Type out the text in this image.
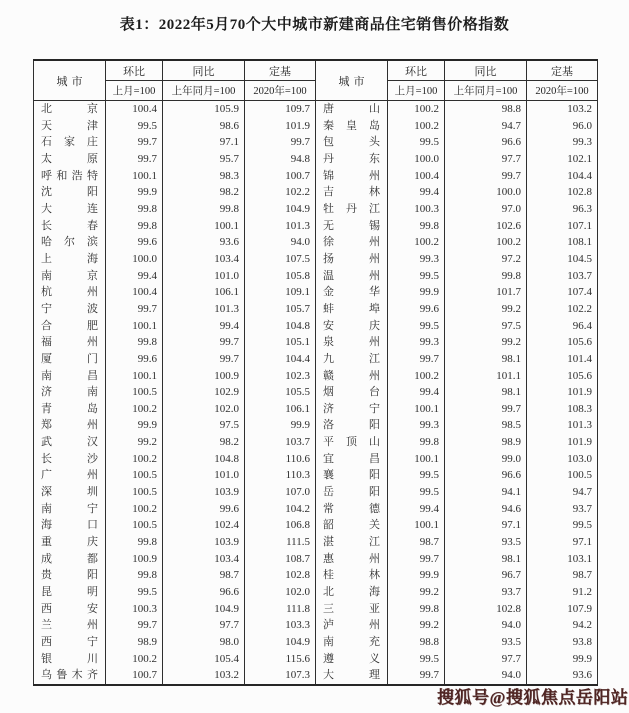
表1：2022年5月70个大中城市新建商品住宅销售价格指数
城市	环比	同比	定基	城市	环比	同比	定基
	上月=100	上年同月=100	2020年=100		上月=100	上年同月=100	2020年=100
北京	100.4	105.9	109.7	唐山	100.2	98.8	103.2
天津	99.5	98.6	101.9	秦皇岛	100.2	94.7	96.0
石家庄	99.7	97.1	99.7	包头	99.5	96.6	99.3
太原	99.7	95.7	94.8	丹东	100.0	97.7	102.1
呼和浩特	100.1	98.3	100.7	锦州	100.4	99.7	104.4
沈阳	99.9	98.2	102.2	吉林	99.4	100.0	102.8
大连	99.8	99.8	104.9	牡丹江	100.3	97.0	96.3
长春	99.8	100.1	101.3	无锡	99.8	102.6	107.1
哈尔滨	99.6	93.6	94.0	徐州	100.2	100.2	108.1
上海	100.0	103.4	107.5	扬州	99.3	97.2	104.5
南京	99.4	101.0	105.8	温州	99.5	99.8	103.7
杭州	100.4	106.1	109.1	金华	99.9	101.7	107.4
宁波	99.7	101.3	105.7	蚌埠	99.6	99.2	102.2
合肥	100.1	99.4	104.8	安庆	99.5	97.5	96.4
福州	99.8	99.7	105.1	泉州	99.3	99.2	105.6
厦门	99.6	99.7	104.4	九江	99.7	98.1	101.4
南昌	100.1	100.9	102.3	赣州	100.2	101.1	105.6
济南	100.5	102.9	105.5	烟台	99.4	98.1	101.9
青岛	100.2	102.0	106.1	济宁	100.1	99.7	108.3
郑州	99.9	97.5	99.9	洛阳	99.3	98.5	101.3
武汉	99.2	98.2	103.7	平顶山	99.8	98.9	101.9
长沙	100.2	104.8	110.6	宜昌	100.1	99.0	103.0
广州	100.5	101.0	110.3	襄阳	99.5	96.6	100.5
深圳	100.5	103.9	107.0	岳阳	99.5	94.1	94.7
南宁	100.2	99.6	104.2	常德	99.4	94.6	93.7
海口	100.5	102.4	106.8	韶关	100.1	97.1	99.5
重庆	99.8	103.9	111.5	湛江	98.7	93.5	97.1
成都	100.9	103.4	108.7	惠州	99.7	98.1	103.1
贵阳	99.8	98.7	102.8	桂林	99.9	96.7	98.7
昆明	99.5	96.6	102.0	北海	99.2	93.7	91.2
西安	100.3	104.9	111.8	三亚	99.8	102.8	107.9
兰州	99.7	97.7	103.3	泸州	99.2	94.0	94.2
西宁	98.9	98.0	104.9	南充	98.8	93.5	93.8
银川	100.2	105.4	115.6	遵义	99.5	97.7	99.9
乌鲁木齐	100.7	103.2	107.3	大理	99.7	94.0	93.6
搜狐号@搜狐焦点岳阳站
